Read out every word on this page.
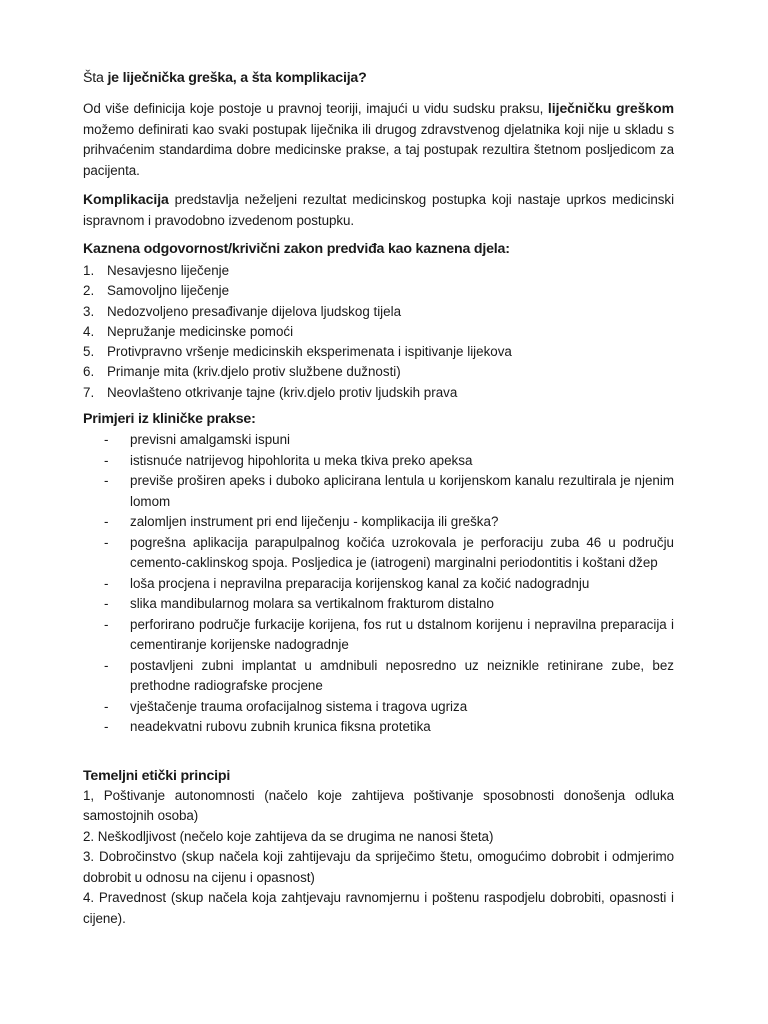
Šta je liječnička greška, a šta komplikacija?
Od više definicija koje postoje u pravnoj teoriji, imajući u vidu sudsku praksu, liječničku greškom možemo definirati kao svaki postupak liječnika ili drugog zdravstvenog djelatnika koji nije u skladu s prihvaćenim standardima dobre medicinske prakse, a taj postupak rezultira štetnom posljedicom za pacijenta.
Komplikacija predstavlja neželjeni rezultat medicinskog postupka koji nastaje uprkos medicinski ispravnom i pravodobno izvedenom postupku.
Kaznena odgovornost/krivični zakon predviđa kao kaznena djela:
1. Nesavjesno liječenje
2. Samovoljno liječenje
3. Nedozvoljeno presađivanje dijelova ljudskog tijela
4. Nepružanje medicinske pomoći
5. Protivpravno vršenje medicinskih eksperimenata i ispitivanje lijekova
6. Primanje mita (kriv.djelo protiv službene dužnosti)
7. Neovlašteno otkrivanje tajne (kriv.djelo protiv ljudskih prava
Primjeri iz kliničke prakse:
- previsni amalgamski ispuni
- istisnuće natrijevog hipohlorita u meka tkiva preko apeksa
- previše proširen apeks i duboko aplicirana lentula u korijenskom kanalu rezultirala je njenim lomom
- zalomljen instrument pri end liječenju - komplikacija ili greška?
- pogrešna aplikacija parapulpalnog kočića uzrokovala je perforaciju zuba 46 u području cemento-caklinskog spoja. Posljedica je (iatrogeni) marginalni periodontitis i koštani džep
- loša procjena i nepravilna preparacija korijenskog kanal za kočić nadogradnju
- slika mandibularnog molara sa vertikalnom frakturom distalno
- perforirano područje furkacije korijena, fos rut u dstalnom korijenu i nepravilna preparacija i cementiranje korijenske nadogradnje
- postavljeni zubni implantat u amdnibuli neposredno uz neiznikle retinirane zube, bez prethodne radiografske procjene
- vještačenje trauma orofacijalnog sistema i tragova ugriza
- neadekvatni rubovu zubnih krunica fiksna protetika
Temeljni etički principi

1, Poštivanje autonomnosti (načelo koje zahtijeva poštivanje sposobnosti donošenja odluka samostojnih osoba)

2. Neškodljivost (nečelo koje zahtijeva da se drugima ne nanosi šteta)

3. Dobročinstvo (skup načela koji zahtijevaju da spriječimo štetu, omogućimo dobrobit i odmjerimo dobrobit u odnosu na cijenu i opasnost)

4. Pravednost (skup načela koja zahtjevaju ravnomjernu i poštenu raspodjelu dobrobiti, opasnosti i cijene).
